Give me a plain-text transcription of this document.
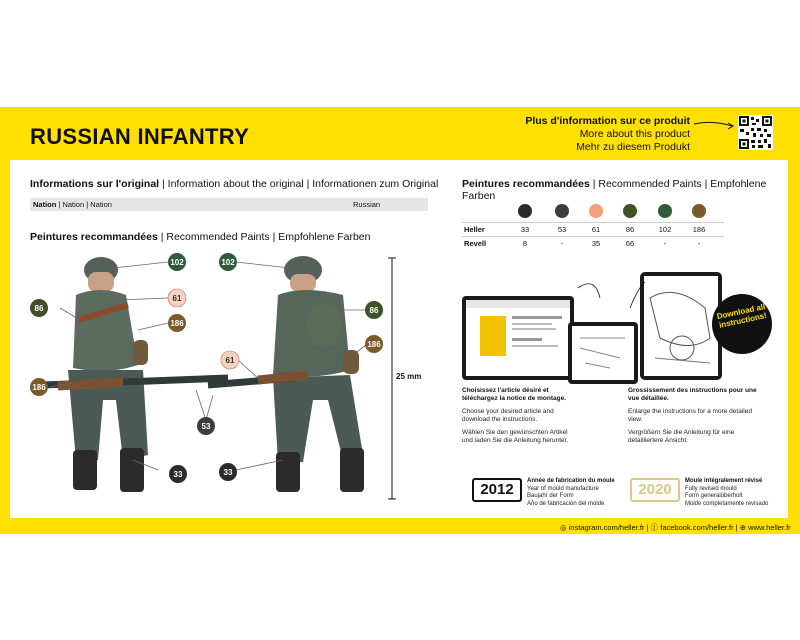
RUSSIAN INFANTRY
Plus d'information sur ce produit
More about this product
Mehr zu diesem Produkt
Informations sur l'original | Information about the original | Informationen zum Original
Nation | Nation | Nation	Russian
Peintures recommandées | Recommended Paints | Empfohlene Farben
102
61
86
186
186
53
33
102
86
186
61
33
25 mm
Peintures recommandées | Recommended Paints | Empfohlene Farben
Heller	33	53	61	86	102	186
Revell	8	-	35	66	-	-
Download all instructions!
Choisissez l'article désiré et téléchargez la notice de montage.
Choose your desired article and download the instructions.
Wählen Sie den gewünschten Artikel und laden Sie die Anleitung herunter.
Grossissement des instructions pour une vue détaillée.
Enlarge the instructions for a more detailed view.
Vergrößern Sie die Anleitung für eine detailliertere Ansicht.
2012	Année de fabrication du moule
Year of mould manufacture
Baujahr der Form
Año de fabricación del molde
2020	Moule intégralement révisé
Fully revised mould
Form generalüberholt
Molde completamente revisado
◎ instagram.com/heller.fr | ⓕ facebook.com/heller.fr | ⊕ www.heller.fr
